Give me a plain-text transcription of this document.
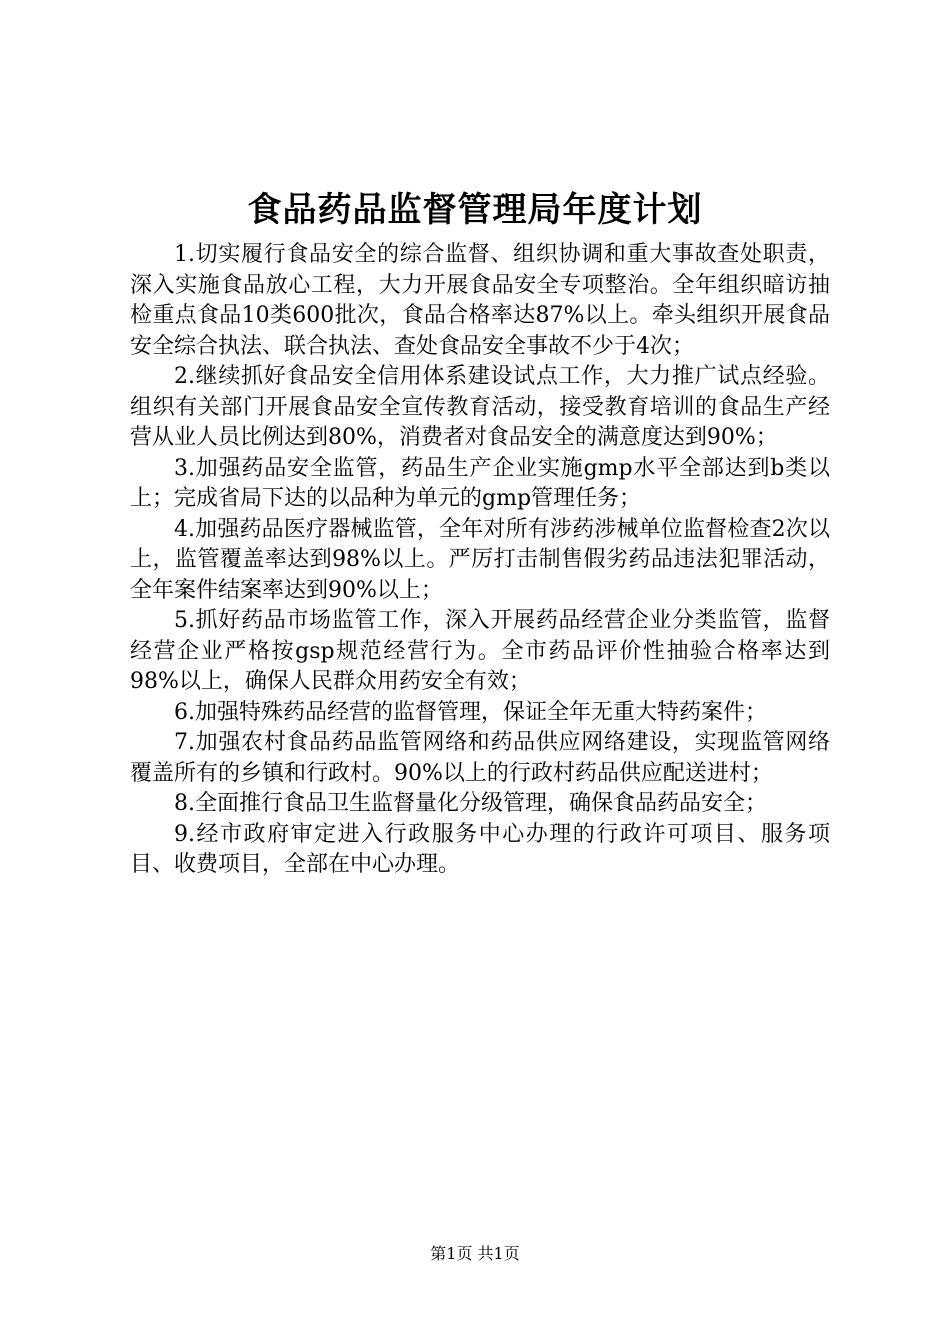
食品药品监督管理局年度计划

1.切实履行食品安全的综合监督、组织协调和重大事故查处职责，深入实施食品放心工程，大力开展食品安全专项整治。全年组织暗访抽检重点食品10类600批次，食品合格率达87%以上。牵头组织开展食品安全综合执法、联合执法、查处食品安全事故不少于4次；

2.继续抓好食品安全信用体系建设试点工作，大力推广试点经验。组织有关部门开展食品安全宣传教育活动，接受教育培训的食品生产经营从业人员比例达到80%，消费者对食品安全的满意度达到90%；

3.加强药品安全监管，药品生产企业实施gmp水平全部达到b类以上；完成省局下达的以品种为单元的gmp管理任务；

4.加强药品医疗器械监管，全年对所有涉药涉械单位监督检查2次以上，监管覆盖率达到98%以上。严厉打击制售假劣药品违法犯罪活动，全年案件结案率达到90%以上；

5.抓好药品市场监管工作，深入开展药品经营企业分类监管，监督经营企业严格按gsp规范经营行为。全市药品评价性抽验合格率达到98%以上，确保人民群众用药安全有效；

6.加强特殊药品经营的监督管理，保证全年无重大特药案件；

7.加强农村食品药品监管网络和药品供应网络建设，实现监管网络覆盖所有的乡镇和行政村。90%以上的行政村药品供应配送进村；

8.全面推行食品卫生监督量化分级管理，确保食品药品安全；

9.经市政府审定进入行政服务中心办理的行政许可项目、服务项目、收费项目，全部在中心办理。

第1页 共1页
